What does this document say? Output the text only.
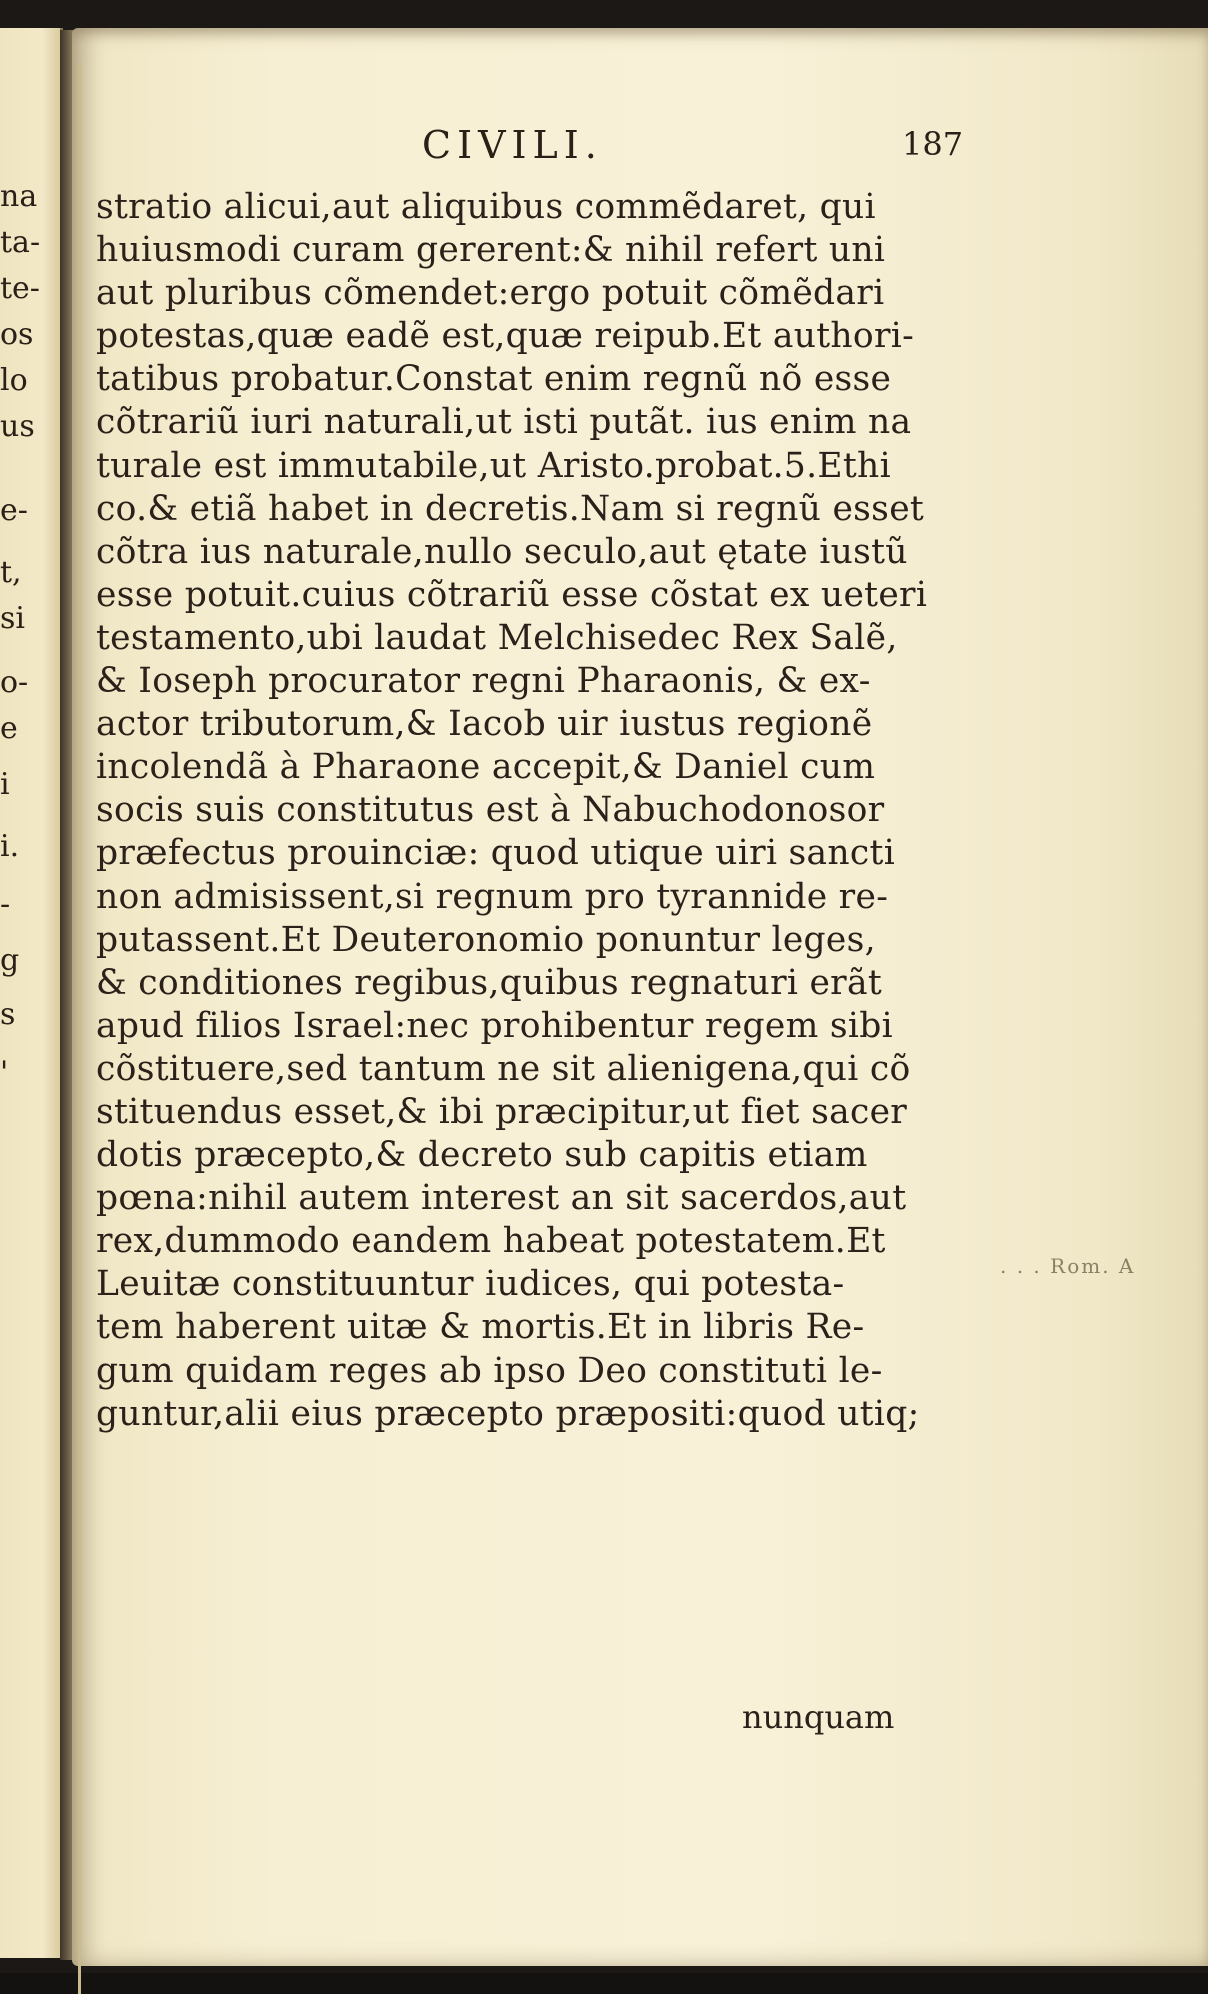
na
ta-
te-
os
lo
us
e-
t,
si
o-
e
i
i.
-
g
s
'
CIVILI.	187
stratio alicui,aut aliquibus commẽdaret, qui
huiusmodi curam gererent:& nihil refert uni
aut pluribus cõmendet:ergo potuit cõmẽdari
potestas,quæ eadẽ est,quæ reipub.Et authori-
tatibus probatur.Constat enim regnũ nõ esse
cõtrariũ iuri naturali,ut isti putãt. ius enim na
turale est immutabile,ut Aristo.probat.5.Ethi
co.& etiã habet in decretis.Nam si regnũ esset
cõtra ius naturale,nullo seculo,aut ętate iustũ
esse potuit.cuius cõtrariũ esse cõstat ex ueteri
testamento,ubi laudat Melchisedec Rex Salẽ,
& Ioseph procurator regni Pharaonis, & ex-
actor tributorum,& Iacob uir iustus regionẽ
incolendã à Pharaone accepit,& Daniel cum
socis suis constitutus est à Nabuchodonosor
præfectus prouinciæ: quod utique uiri sancti
non admisissent,si regnum pro tyrannide re-
putassent.Et Deuteronomio ponuntur leges,
& conditiones regibus,quibus regnaturi erãt
apud filios Israel:nec prohibentur regem sibi
cõstituere,sed tantum ne sit alienigena,qui cõ
stituendus esset,& ibi præcipitur,ut fiet sacer
dotis præcepto,& decreto sub capitis etiam
pœna:nihil autem interest an sit sacerdos,aut
rex,dummodo eandem habeat potestatem.Et
Leuitæ constituuntur iudices, qui potesta-
tem haberent uitæ & mortis.Et in libris Re-
gum quidam reges ab ipso Deo constituti le-
guntur,alii eius præcepto præpositi:quod utiq;
nunquam
. . . Rom. A
